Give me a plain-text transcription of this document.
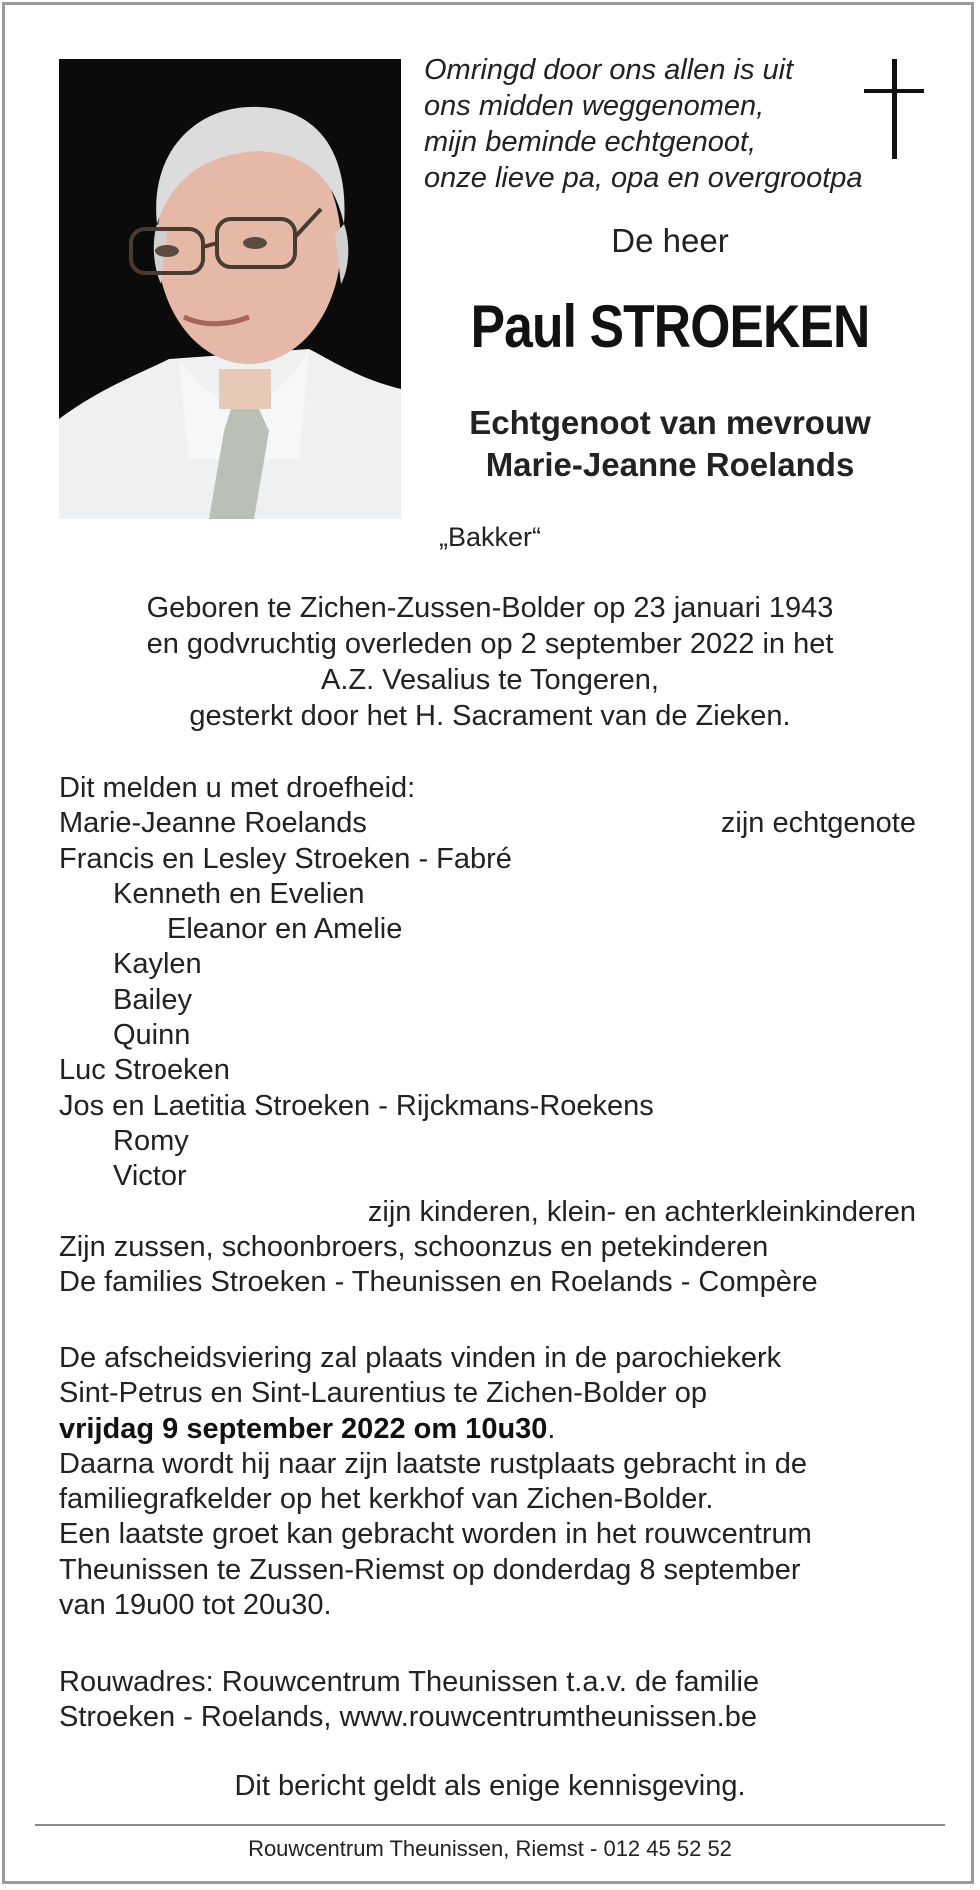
Omringd door ons allen is uit
ons midden weggenomen,
mijn beminde echtgenoot,
onze lieve pa, opa en overgrootpa
De heer
Paul STROEKEN
Echtgenoot van mevrouw
Marie-Jeanne Roelands
„Bakker“
Geboren te Zichen-Zussen-Bolder op 23 januari 1943
en godvruchtig overleden op 2 september 2022 in het
A.Z. Vesalius te Tongeren,
gesterkt door het H. Sacrament van de Zieken.
Dit melden u met droefheid:
Marie-Jeanne Roelands	zijn echtgenote
Francis en Lesley Stroeken - Fabré
Kenneth en Evelien
Eleanor en Amelie
Kaylen
Bailey
Quinn
Luc Stroeken
Jos en Laetitia Stroeken - Rijckmans-Roekens
Romy
Victor
zijn kinderen, klein- en achterkleinkinderen
Zijn zussen, schoonbroers, schoonzus en petekinderen
De families Stroeken - Theunissen en Roelands - Compère
De afscheidsviering zal plaats vinden in de parochiekerk
Sint-Petrus en Sint-Laurentius te Zichen-Bolder op
vrijdag 9 september 2022 om 10u30.
Daarna wordt hij naar zijn laatste rustplaats gebracht in de
familiegrafkelder op het kerkhof van Zichen-Bolder.
Een laatste groet kan gebracht worden in het rouwcentrum
Theunissen te Zussen-Riemst op donderdag 8 september
van 19u00 tot 20u30.
Rouwadres: Rouwcentrum Theunissen t.a.v. de familie
Stroeken - Roelands, www.rouwcentrumtheunissen.be
Dit bericht geldt als enige kennisgeving.
Rouwcentrum Theunissen, Riemst - 012 45 52 52
